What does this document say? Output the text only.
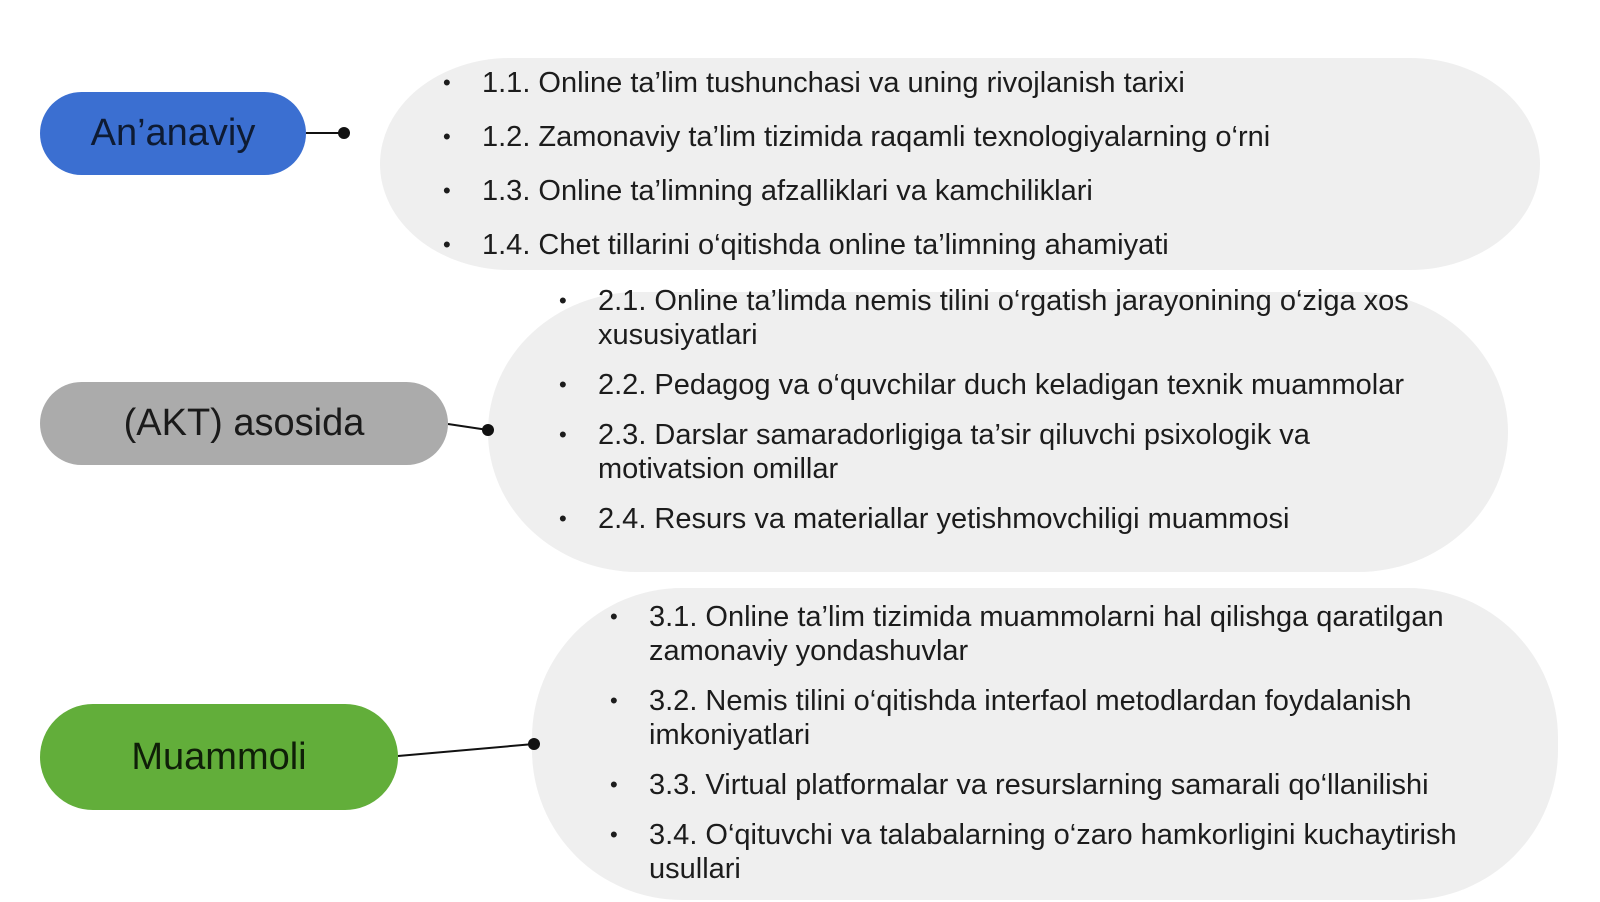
An’anaviy
(AKT) asosida
Muammoli
• 1.1. Online ta’lim tushunchasi va uning rivojlanish tarixi
• 1.2. Zamonaviy ta’lim tizimida raqamli texnologiyalarning o‘rni
• 1.3. Online ta’limning afzalliklari va kamchiliklari
• 1.4. Chet tillarini o‘qitishda online ta’limning ahamiyati
• 2.1. Online ta’limda nemis tilini o‘rgatish jarayonining o‘ziga xos xususiyatlari
• 2.2. Pedagog va o‘quvchilar duch keladigan texnik muammolar
• 2.3. Darslar samaradorligiga ta’sir qiluvchi psixologik va motivatsion omillar
• 2.4. Resurs va materiallar yetishmovchiligi muammosi
• 3.1. Online ta’lim tizimida muammolarni hal qilishga qaratilgan zamonaviy yondashuvlar
• 3.2. Nemis tilini o‘qitishda interfaol metodlardan foydalanish imkoniyatlari
• 3.3. Virtual platformalar va resurslarning samarali qo‘llanilishi
• 3.4. O‘qituvchi va talabalarning o‘zaro hamkorligini kuchaytirish usullari
